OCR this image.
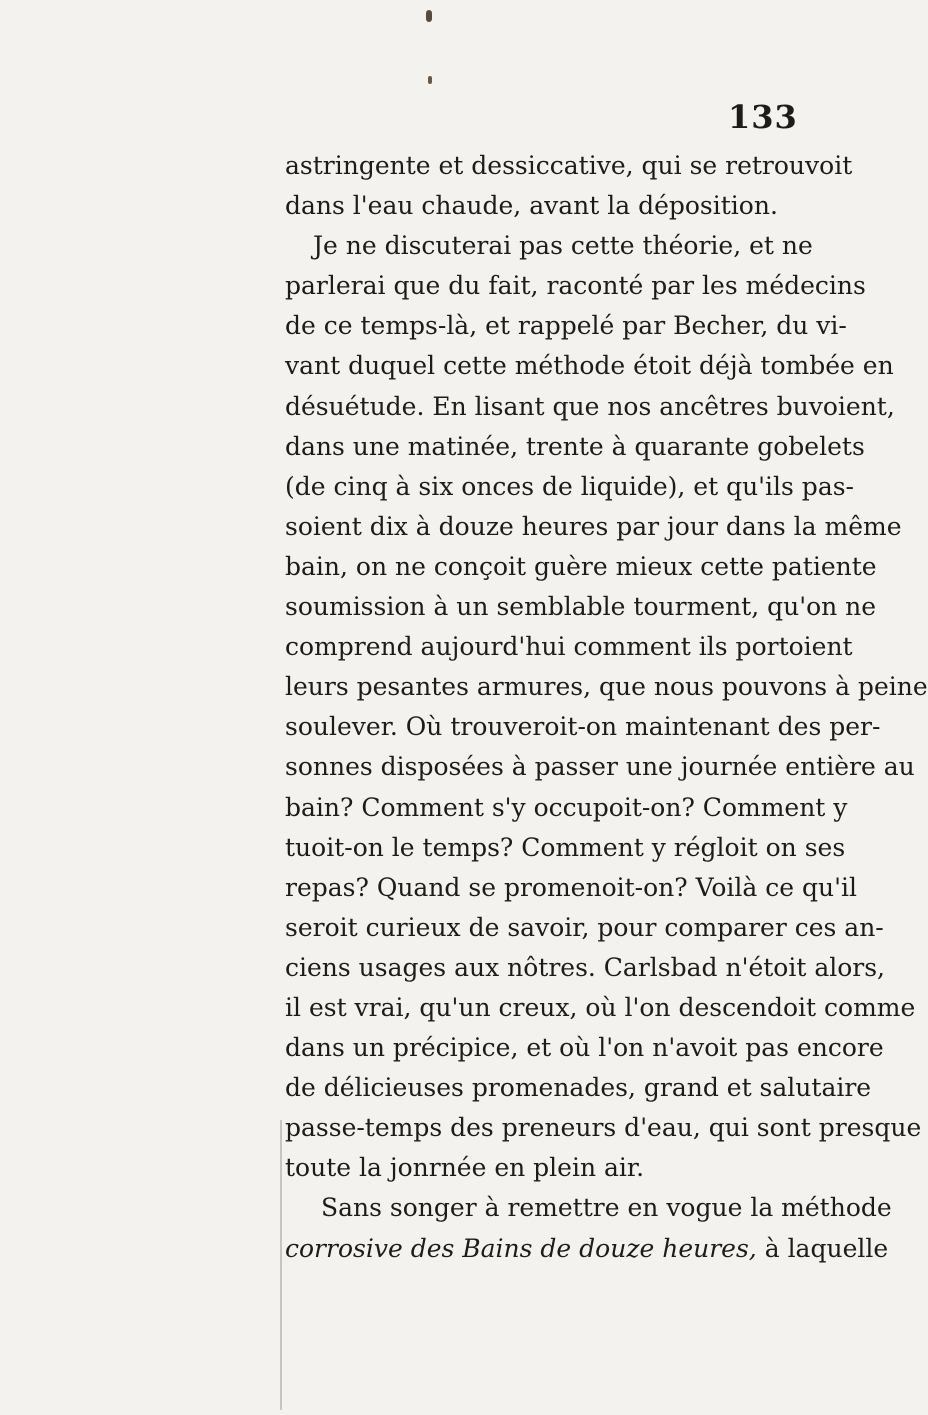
133
astringente et dessiccative, qui se retrouvoit
dans l'eau chaude, avant la déposition.
Je ne discuterai pas cette théorie, et ne
parlerai que du fait, raconté par les médecins
de ce temps-là, et rappelé par Becher, du vi-
vant duquel cette méthode étoit déjà tombée en
désuétude. En lisant que nos ancêtres buvoient,
dans une matinée, trente à quarante gobelets
(de cinq à six onces de liquide), et qu'ils pas-
soient dix à douze heures par jour dans la même
bain, on ne conçoit guère mieux cette patiente
soumission à un semblable tourment, qu'on ne
comprend aujourd'hui comment ils portoient
leurs pesantes armures, que nous pouvons à peine
soulever. Où trouveroit-on maintenant des per-
sonnes disposées à passer une journée entière au
bain? Comment s'y occupoit-on? Comment y
tuoit-on le temps? Comment y régloit on ses
repas? Quand se promenoit-on? Voilà ce qu'il
seroit curieux de savoir, pour comparer ces an-
ciens usages aux nôtres. Carlsbad n'étoit alors,
il est vrai, qu'un creux, où l'on descendoit comme
dans un précipice, et où l'on n'avoit pas encore
de délicieuses promenades, grand et salutaire
passe-temps des preneurs d'eau, qui sont presque
toute la jonrnée en plein air.
Sans songer à remettre en vogue la méthode
corrosive des Bains de douze heures, à laquelle
